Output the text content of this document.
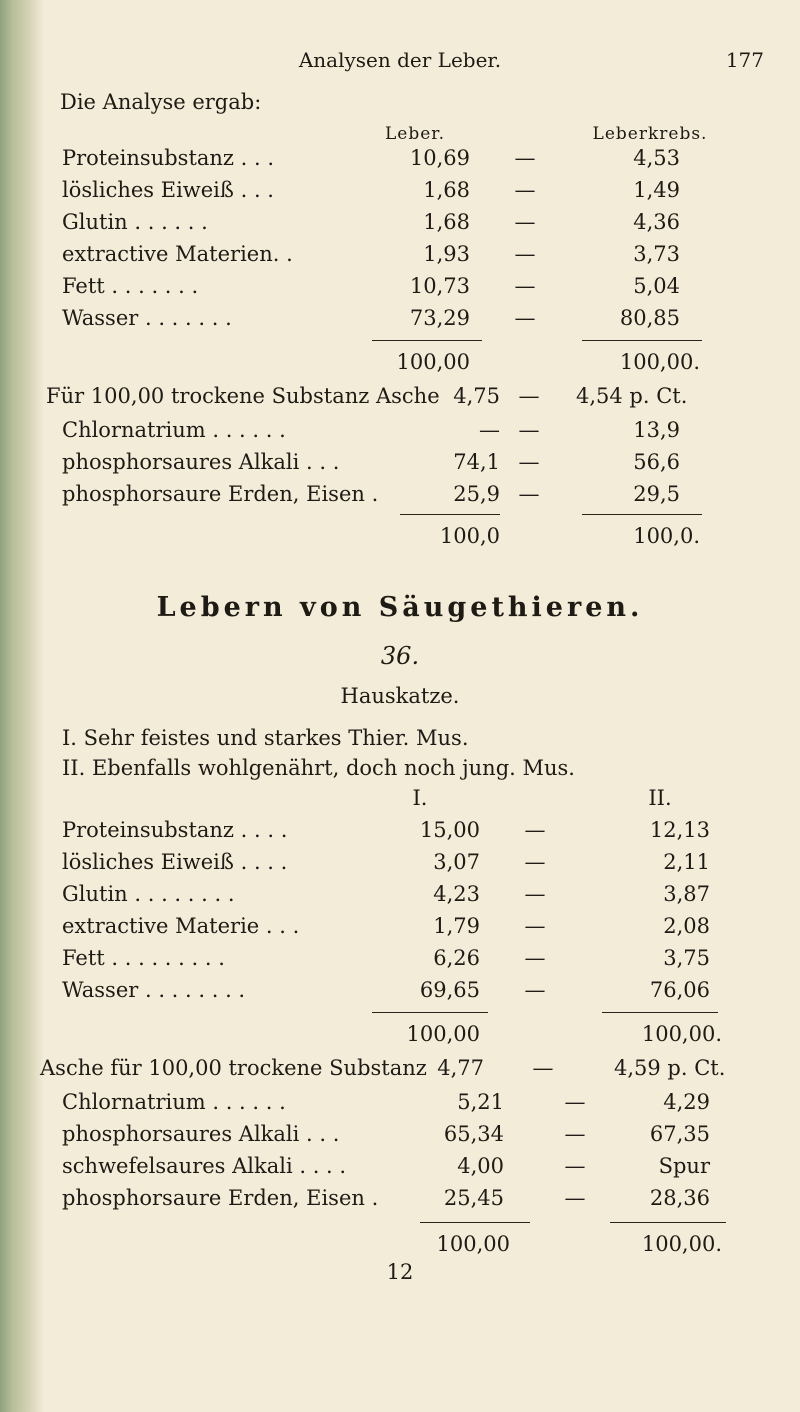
Analysen der Leber.	177
Die Analyse ergab:
Leber.	Leberkrebs.
Proteinsubstanz . . .	10,69 —	4,53
lösliches Eiweiß . . .	1,68 —	1,49
Glutin . . . . . .	1,68 —	4,36
extractive Materien. .	1,93 —	3,73
Fett . . . . . . .	10,73 —	5,04
Wasser . . . . . . .	73,29 —	80,85
100,00	100,00.
Für 100,00 trockene Substanz Asche 4,75 — 4,54 p. Ct.
Chlornatrium . . . . . .	— —	13,9
phosphorsaures Alkali . . .	74,1 —	56,6
phosphorsaure Erden, Eisen .	25,9 —	29,5
100,0	100,0.
Lebern von Säugethieren.
36.
Hauskatze.
I. Sehr feistes und starkes Thier. Mus.
II. Ebenfalls wohlgenährt, doch noch jung. Mus.
I.	II.
Proteinsubstanz . . . .	15,00 —	12,13
lösliches Eiweiß . . . .	3,07 —	2,11
Glutin . . . . . . . .	4,23 —	3,87
extractive Materie . . .	1,79 —	2,08
Fett . . . . . . . . .	6,26 —	3,75
Wasser . . . . . . . .	69,65 —	76,06
100,00	100,00.
Asche für 100,00 trockene Substanz 4,77 —	4,59 p. Ct.
Chlornatrium . . . . . .	5,21	—	4,29
phosphorsaures Alkali . . .	65,34	—	67,35
schwefelsaures Alkali . . . .	4,00	—	Spur
phosphorsaure Erden, Eisen .	25,45	—	28,36
100,00	100,00.
12
